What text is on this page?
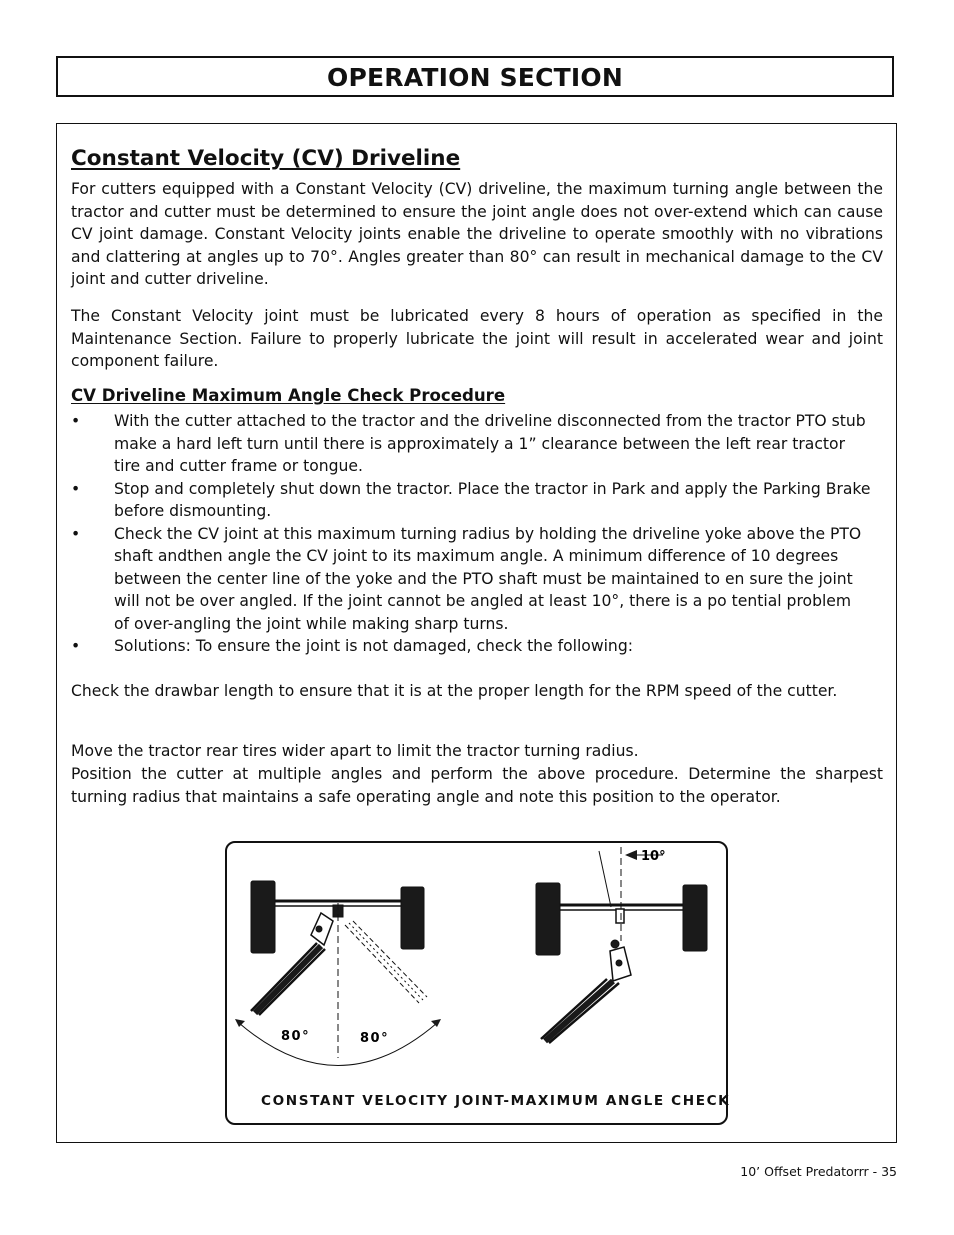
OPERATION SECTION
Constant Velocity (CV) Driveline

For cutters equipped with a Constant Velocity (CV) driveline, the maximum turning angle between the tractor and cutter must be determined to ensure the joint angle does not over-extend which can cause CV joint damage. Constant Velocity joints enable the driveline to operate smoothly with no vibrations and clattering at angles up to 70°. Angles greater than 80° can result in mechanical damage to the CV joint and cutter driveline.

The Constant Velocity joint must be lubricated every 8 hours of operation as specified in the Maintenance Section. Failure to properly lubricate the joint will result in accelerated wear and joint component failure.

CV Driveline Maximum Angle Check Procedure
• With the cutter attached to the tractor and the driveline disconnected from the tractor PTO stub make a hard left turn until there is approximately a 1” clearance between the left rear tractor tire and cutter frame or tongue.
• Stop and completely shut down the tractor. Place the tractor in Park and apply the Parking Brake before dismounting.
• Check the CV joint at this maximum turning radius by holding the driveline yoke above the PTO shaft andthen angle the CV joint to its maximum angle. A minimum difference of 10 degrees between the center line of the yoke and the PTO shaft must be maintained to en sure the joint will not be over angled. If the joint cannot be angled at least 10°, there is a po tential problem of over-angling the joint while making sharp turns.
• Solutions: To ensure the joint is not damaged, check the following:

Check the drawbar length to ensure that it is at the proper length for the RPM speed of the cutter.

Move the tractor rear tires wider apart to limit the tractor turning radius.

Position the cutter at multiple angles and perform the above procedure. Determine the sharpest turning radius that maintains a safe operating angle and note this position to the operator.

80°	80°
10°

CONSTANT VELOCITY JOINT-MAXIMUM ANGLE CHECK

10’ Offset Predatorrr - 35
